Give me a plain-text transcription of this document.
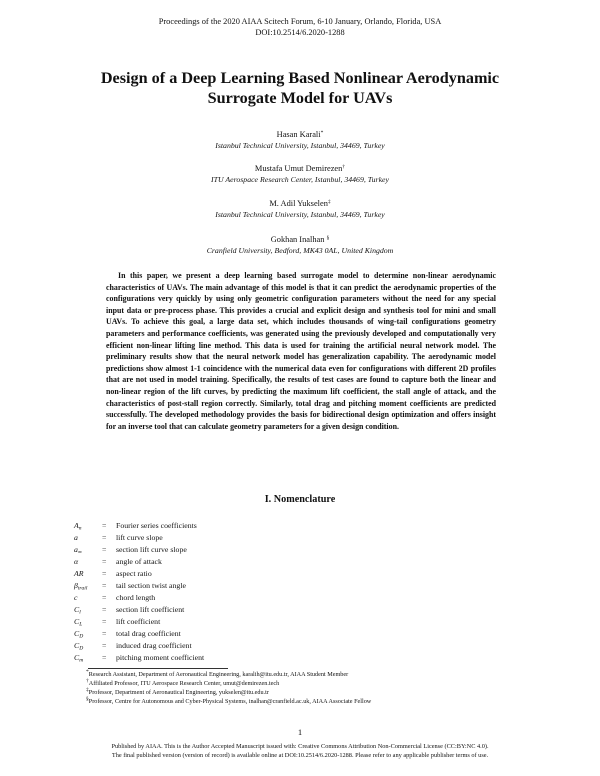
Proceedings of the 2020 AIAA Scitech Forum, 6-10 January, Orlando, Florida, USA
DOI:10.2514/6.2020-1288
Design of a Deep Learning Based Nonlinear Aerodynamic
Surrogate Model for UAVs
Hasan Karali*
Istanbul Technical University, Istanbul, 34469, Turkey
Mustafa Umut Demirezen†
ITU Aerospace Research Center, Istanbul, 34469, Turkey
M. Adil Yukselen‡
Istanbul Technical University, Istanbul, 34469, Turkey
Gokhan Inalhan §
Cranfield University, Bedford, MK43 0AL, United Kingdom

In this paper, we present a deep learning based surrogate model to determine non-linear aerodynamic characteristics of UAVs. The main advantage of this model is that it can predict the aerodynamic properties of the configurations very quickly by using only geometric configuration parameters without the need for any special input data or pre-process phase. This provides a crucial and explicit design and synthesis tool for mini and small UAVs. To achieve this goal, a large data set, which includes thousands of wing-tail configurations geometry parameters and performance coefficients, was generated using the previously developed and computationally very efficient non-linear lifting line method. This data is used for training the artificial neural network model. The preliminary results show that the neural network model has generalization capability. The aerodynamic model predictions show almost 1-1 coincidence with the numerical data even for configurations with different 2D profiles that are not used in model training. Specifically, the results of test cases are found to capture both the linear and non-linear region of the lift curves, by predicting the maximum lift coefficient, the stall angle of attack, and the characteristics of post-stall region correctly. Similarly, total drag and pitching moment coefficients are predicted successfully. The developed methodology provides the basis for bidirectional design optimization and offers insight for an inverse tool that can calculate geometry parameters for a given design condition.

I. Nomenclature
$A_n$	= Fourier series coefficients
a	= lift curve slope
$a_\infty$	= section lift curve slope
α	= angle of attack
AR	= aspect ratio
$\beta_{trail}$	= tail section twist angle
c	= chord length
$C_l$	= section lift coefficient
$C_L$	= lift coefficient
$C_D$	= total drag coefficient
$C_D$	= induced drag coefficient
$C_m$	= pitching moment coefficient
*Research Assistant, Department of Aeronautical Engineering, karalih@itu.edu.tr, AIAA Student Member
†Affiliated Professor, ITU Aerospace Research Center, umut@demirezen.tech
‡Professor, Department of Aeronautical Engineering, yukselen@itu.edu.tr
§Professor, Centre for Autonomous and Cyber-Physical Systems, inalhan@cranfield.ac.uk, AIAA Associate Fellow
1
Published by AIAA. This is the Author Accepted Manuscript issued with: Creative Commons Attribution Non-Commercial License (CC:BY:NC 4.0).
The final published version (version of record) is available online at DOI:10.2514/6.2020-1288. Please refer to any applicable publisher terms of use.
